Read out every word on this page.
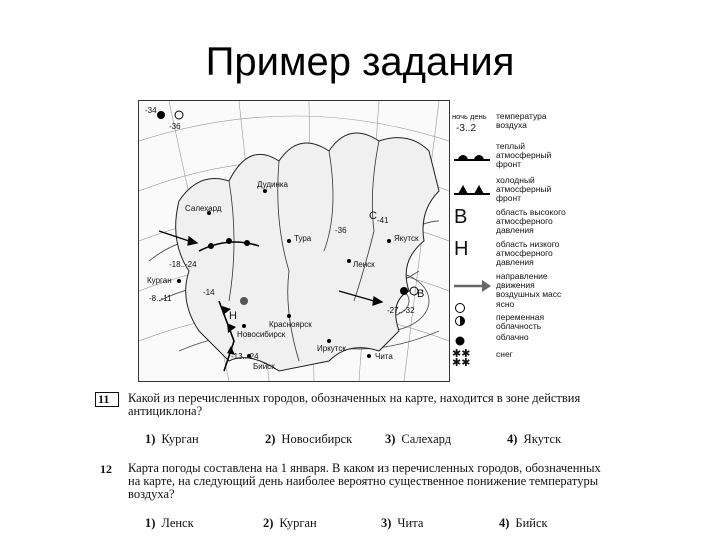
Пример задания
-34
-36
Дудинка
Салехард
Тура	Якутск
Ленск
Красноярск
Иркутск
Чита
Курган
Бийск
Новосибирск
-36
-41
-18..-24
-8..-11
-27..-32
-13..-24
-14
С
В
Н
ночь день
-3..2
температура воздуха
теплый атмосферный фронт
холодный атмосферный фронт
В	область высокого атмосферного давления
Н	область низкого атмосферного давления
направление движения воздушных масс
ясно
переменная облачность
облачно
✱✱
✱✱
снег
11	Какой из перечисленных городов, обозначенных на карте, находится в зоне действия антициклона?
1) Курган	2) Новосибирск	3) Салехард	4) Якутск
12	Карта погоды составлена на 1 января. В каком из перечисленных городов, обозначенных на карте, на следующий день наиболее вероятно существенное понижение температуры воздуха?
1) Ленск	2) Курган	3) Чита	4) Бийск
